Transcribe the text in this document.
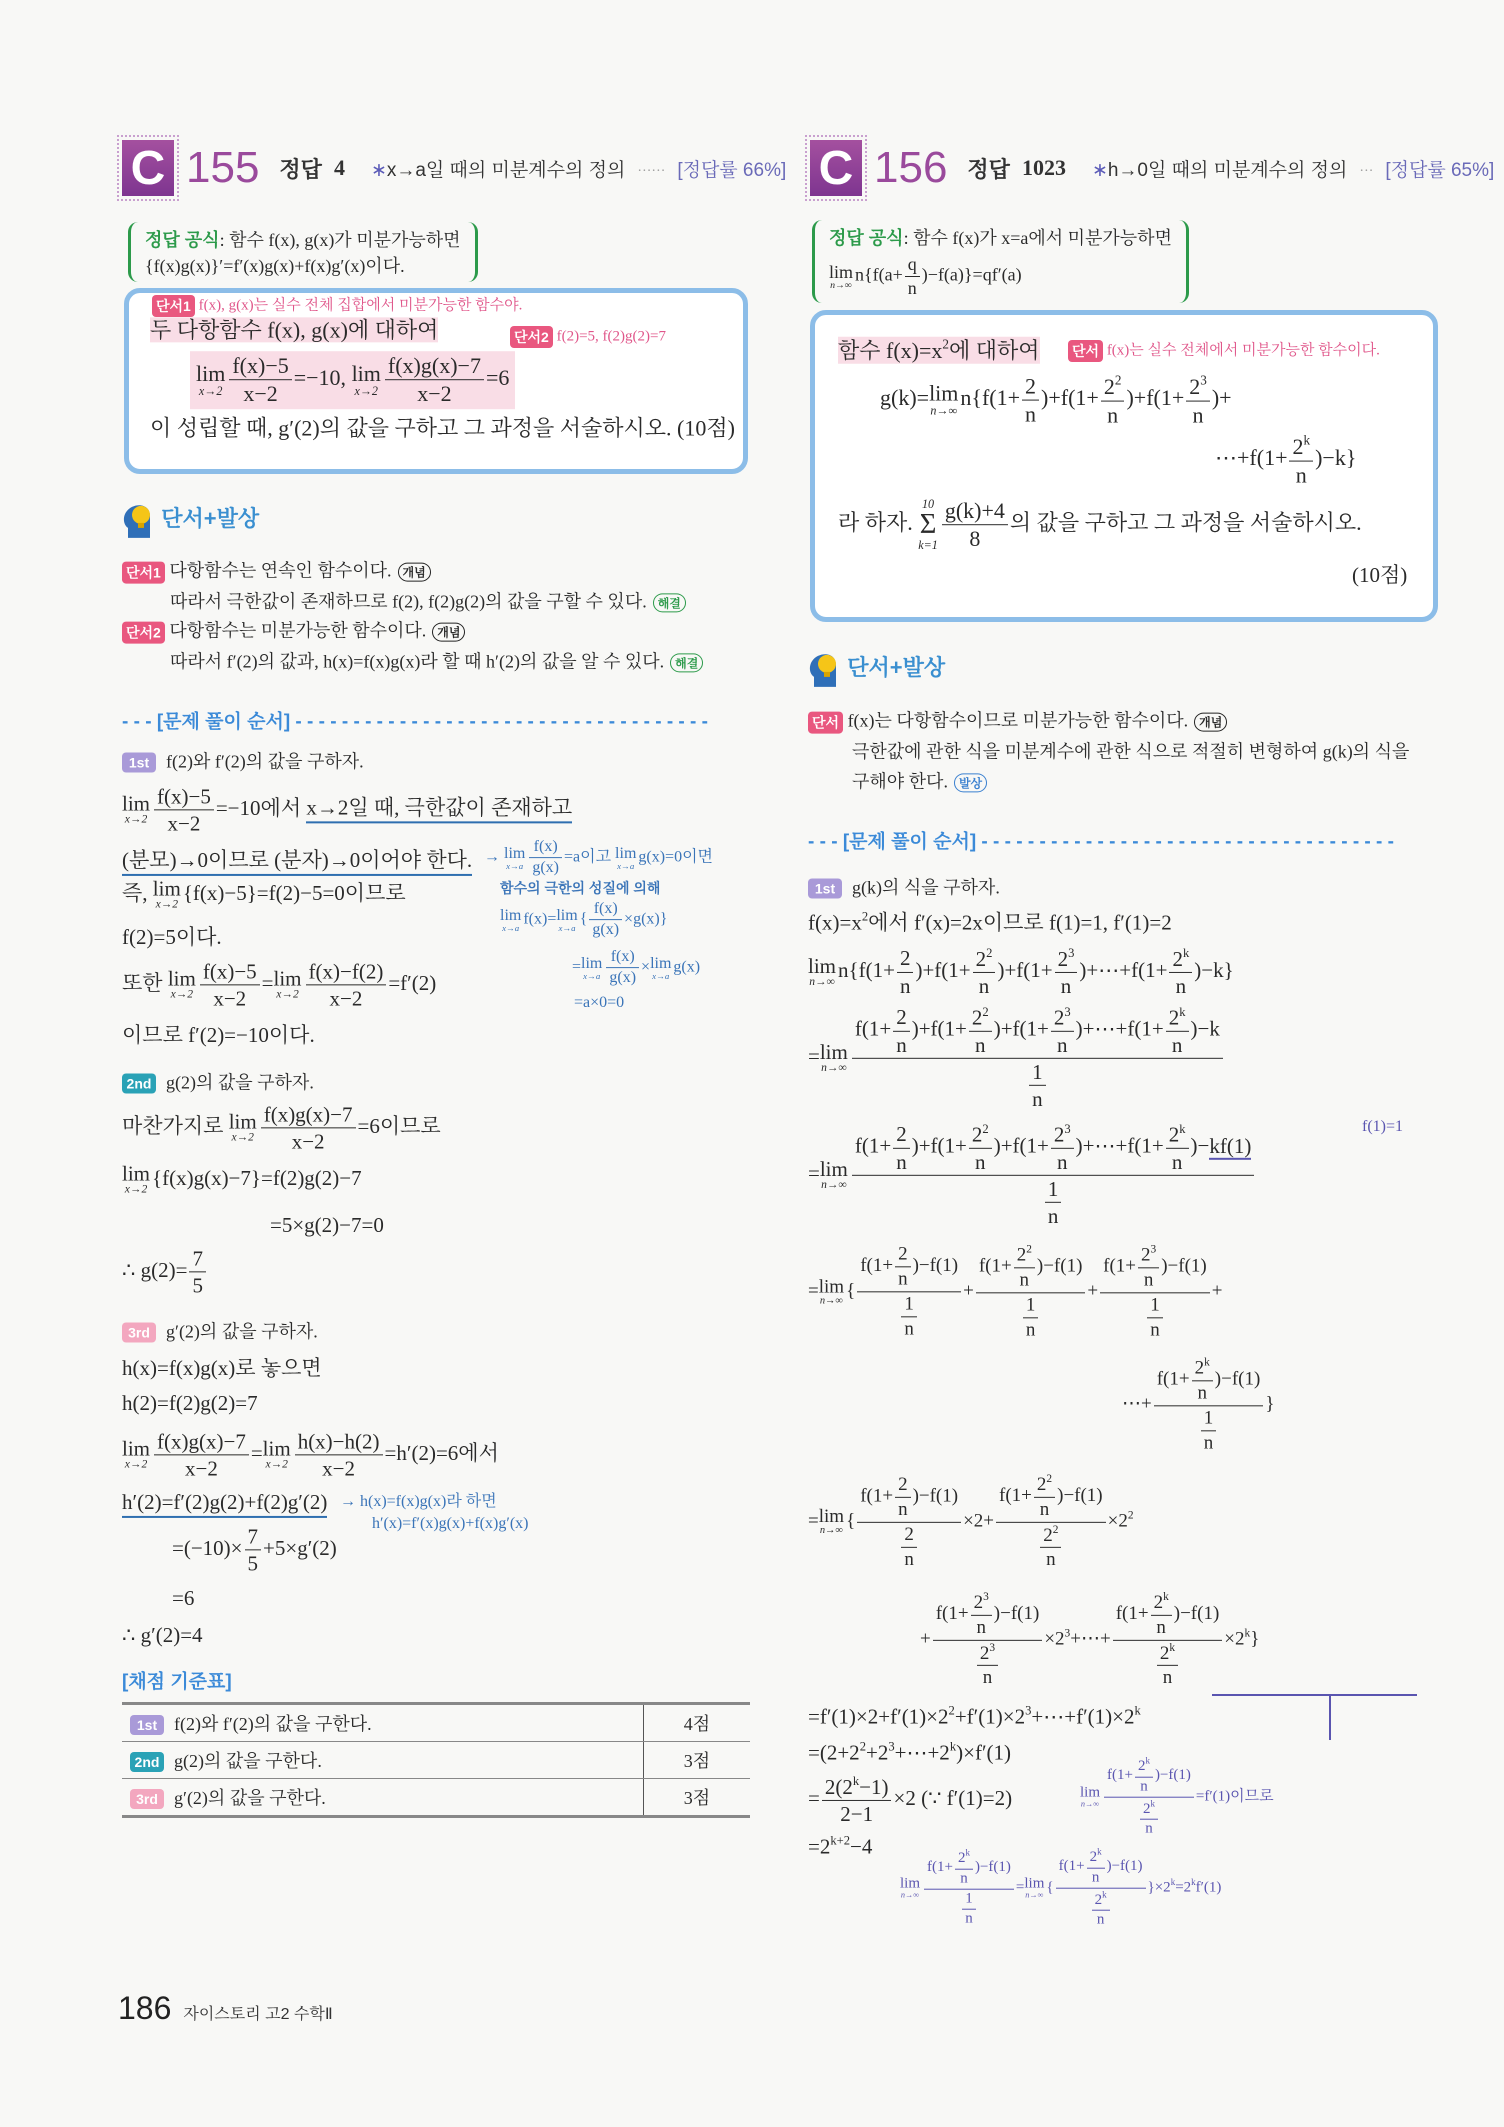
C 155 정답 4 ∗x→a일 때의 미분계수의 정의 …… [정답률 66%]
정답 공식: 함수 f(x), g(x)가 미분가능하면
{f(x)g(x)}′=f′(x)g(x)+f(x)g′(x)이다.
단서1 f(x), g(x)는 실수 전체 집합에서 미분가능한 함수야.
두 다항함수 f(x), g(x)에 대하여	단서2 f(2)=5, f(2)g(2)=7
lim
$x\to 2 \frac{f(x)-5}{x-2} =-10$, lim
$x\to 2 \frac{f(x)g(x)-7}{x-2} =6$
이 성립할 때, g′(2)의 값을 구하고 그 과정을 서술하시오. (10점)
단서+발상
단서1 다항함수는 연속인 함수이다. 개념
따라서 극한값이 존재하므로 f(2), f(2)g(2)의 값을 구할 수 있다. 해결
단서2 다항함수는 미분가능한 함수이다. 개념
따라서 f′(2)의 값과, h(x)=f(x)g(x)라 할 때 h′(2)의 값을 알 수 있다. 해결
- - - [문제 풀이 순서] - - - - - - - - - - - - - - - - - - - - - - - - - - - - - - - - - - - -
1st f(2)와 f′(2)의 값을 구하자.
lim
$x\to 2 \frac{f(x)-5}{x-2} =-10$에서 x→2일 때, 극한값이 존재하고
(분모)→0이므로 (분자)→0이어야 한다.
즉, lim
x→2 {f(x)−5}=f(2)−5=0이므로
f(2)=5이다.
또한 lim
$x\to 2 \frac{f(x)-5}{x-2} = \lim$
$x\to 2 \frac{f(x)-f(2)}{x-2} =f'(2)$
이므로 f′(2)=−10이다.
→ lim
$x\to a \frac{f(x)}{g(x)} =a$이고 lim
x→a g(x)=0이면
함수의 극한의 성질에 의해
lim
x→a f(x)= lim
x→a { $\frac{f(x)}{g(x)} \times g(x)$}
= lim
$x\to a \frac{f(x)}{g(x)} \times \lim$
x→a g(x)
=a×0=0
2nd g(2)의 값을 구하자.
마찬가지로 lim
$x\to 2 \frac{f(x)g(x)-7}{x-2} =6$이므로
lim
x→2 {f(x)g(x)−7}=f(2)g(2)−7
=5×g(2)−7=0
∴ $g(2)= \frac{7}{5}$
3rd g′(2)의 값을 구하자.
h(x)=f(x)g(x)로 놓으면
h(2)=f(2)g(2)=7
lim
$x\to 2 \frac{f(x)g(x)-7}{x-2} = \lim$
$x\to 2 \frac{h(x)-h(2)}{x-2} =h'(2)=6$에서
h′(2)=f′(2)g(2)+f(2)g′(2) → h(x)=f(x)g(x)라 하면
h′(x)=f′(x)g(x)+f(x)g′(x)
$=(-10)\times \frac{7}{5} +5\times g'(2)$
=6
∴ g′(2)=4
[채점 기준표]
1st f(2)와 f′(2)의 값을 구한다.	4점
2nd g(2)의 값을 구한다.	3점
3rd g′(2)의 값을 구한다.	3점
186 자이스토리 고2 수학Ⅱ
C 156 정답 1023 ∗h→0일 때의 미분계수의 정의 … [정답률 65%]
정답 공식: 함수 f(x)가 x=a에서 미분가능하면
lim
n→∞
$n\{f(a+ \frac{q}{n} )-f(a)\}=qf'(a)$
함수 $f(x)=x^2$에 대하여 단서 f(x)는 실수 전체에서 미분가능한 함수이다.
g(k)= lim
n→∞
$n\{f(1+ \frac{2}{n} )+f(1+ \frac{2^2}{n} )+f(1+ \frac{2^3}{n}$ )+
⋯+f(1+ $\frac{2^k}{n} )-k$}
라 하자.
10
Σ
$k=1 \frac{g(k)+4}{8}$ 의 값을 구하고 그 과정을 서술하시오.
(10점)
단서+발상
단서 f(x)는 다항함수이므로 미분가능한 함수이다. 개념
극한값에 관한 식을 미분계수에 관한 식으로 적절히 변형하여 g(k)의 식을
구해야 한다. 발상
- - - [문제 풀이 순서] - - - - - - - - - - - - - - - - - - - - - - - - - - - - - - - - - - - -
1st g(k)의 식을 구하자.
$f(x)=x^2$에서 f′(x)=2x이므로 f(1)=1, f′(1)=2
lim
n→∞ $n\{f(1+ \frac{2}{n} )+f(1+ \frac{2^2}{n} )+f(1+ \frac{2^3}{n}$ )+⋯+f(1+ $\frac{2^k}{n} )-k$}
= lim
$n\to\infty \frac{f(1+ \frac{2}{n} )+f(1+ \frac{2^2}{n} )+f(1+ \frac{2^3}{n} )+\cdots+f(1+ \frac{2^k}{n} )-k}{\frac{1}{n}}$
f(1)=1
= lim
$n\to\infty \frac{f(1+ \frac{2}{n} )+f(1+ \frac{2^2}{n} )+f(1+ \frac{2^3}{n} )+\cdots+f(1+ \frac{2^k}{n} )-kf(1)}{\frac{1}{n}}$
= lim
n→∞ { $\frac{f(1+ \frac{2}{n} )-f(1)}{\frac{1}{n}} + \frac{f(1+ \frac{2^2}{n} )-f(1)}{\frac{1}{n}} + \frac{f(1+ \frac{2^3}{n} )-f(1)}{\frac{1}{n}}$ +
⋯+ $\frac{f(1+ \frac{2^k}{n} )-f(1)}{\frac{1}{n}}$ }
= lim
n→∞ { $\frac{f(1+ \frac{2}{n} )-f(1)}{\frac{2}{n}} \times 2+ \frac{f(1+ \frac{2^2}{n} )-f(1)}{\frac{2^2}{n}} \times 2^2$
+ $\frac{f(1+ \frac{2^3}{n} )-f(1)}{\frac{2^3}{n}}$ $\times 2^3+\cdots+ \frac{f(1+ \frac{2^k}{n} )-f(1)}{\frac{2^k}{n}} \times 2^k$}
$=f'(1)\times 2+f'(1)\times 2^2+f'(1)\times 2^3+\cdots+f'(1)\times 2^k$
$=(2+2^2+2^3+\cdots+2^k)\times f'(1)$
= $\frac{2(2^k-1)}{2-1} \times 2$ (∵ f′(1)=2)
$=2^{k+2}-4$
lim
$n\to\infty \frac{f(1+ \frac{2^k}{n} )-f(1)}{\frac{2^k}{n}} =f'(1)$이므로
lim
$n\to\infty \frac{f(1+ \frac{2^k}{n} )-f(1)}{\frac{1}{n}} = \lim$
n→∞ { $\frac{f(1+ \frac{2^k}{n} )-f(1)}{\frac{2^k}{n}} \}\times 2^k=2^kf'(1)$
